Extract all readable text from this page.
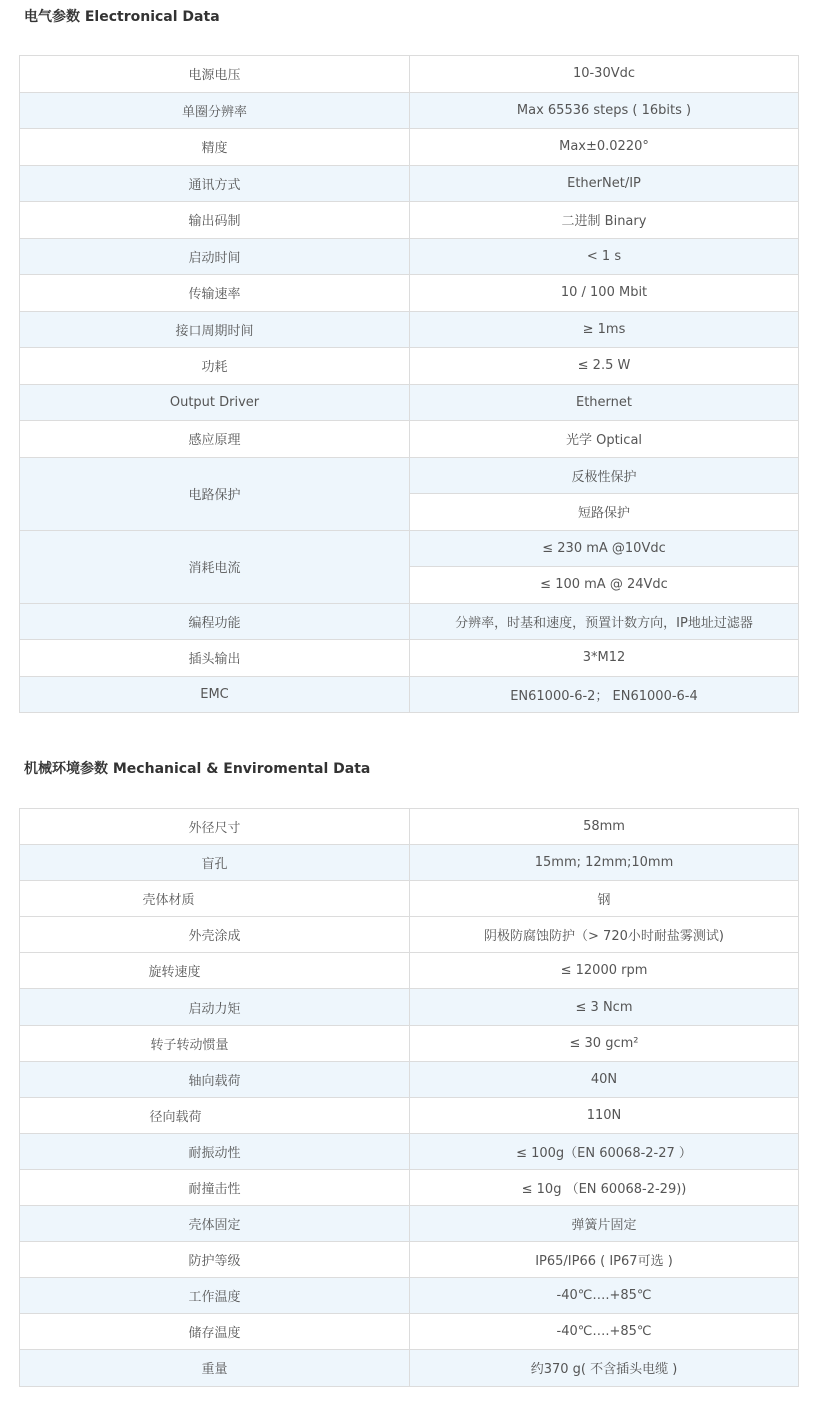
电气参数 Electronical Data
电源电压	10-30Vdc
单圈分辨率	Max 65536 steps ( 16bits )
精度	Max±0.0220°
通讯方式	EtherNet/IP
输出码制	二进制 Binary
启动时间	< 1 s
传输速率	10 / 100 Mbit
接口周期时间	≥ 1ms
功耗	≤ 2.5 W
Output Driver	Ethernet
感应原理	光学 Optical
电路保护	反极性保护
	短路保护
消耗电流	≤ 230 mA @10Vdc
	≤ 100 mA @ 24Vdc
编程功能	分辨率，时基和速度，预置计数方向，IP地址过滤器
插头输出	3*M12
EMC	EN61000-6-2； EN61000-6-4
机械环境参数 Mechanical & Enviromental Data
外径尺寸	58mm
盲孔	15mm; 12mm;10mm
壳体材质	钢
外壳涂成	阴极防腐蚀防护（> 720小时耐盐雾测试)
旋转速度	≤ 12000 rpm
启动力矩	≤ 3 Ncm
转子转动惯量	≤ 30 gcm²
轴向载荷	40N
径向载荷	110N
耐振动性	≤ 100g（EN 60068-2-27 ）
耐撞击性	≤ 10g （EN 60068-2-29))
壳体固定	弹簧片固定
防护等级	IP65/IP66 ( IP67可选 )
工作温度	-40℃….+85℃
储存温度	-40℃….+85℃
重量	约370 g( 不含插头电缆 )
